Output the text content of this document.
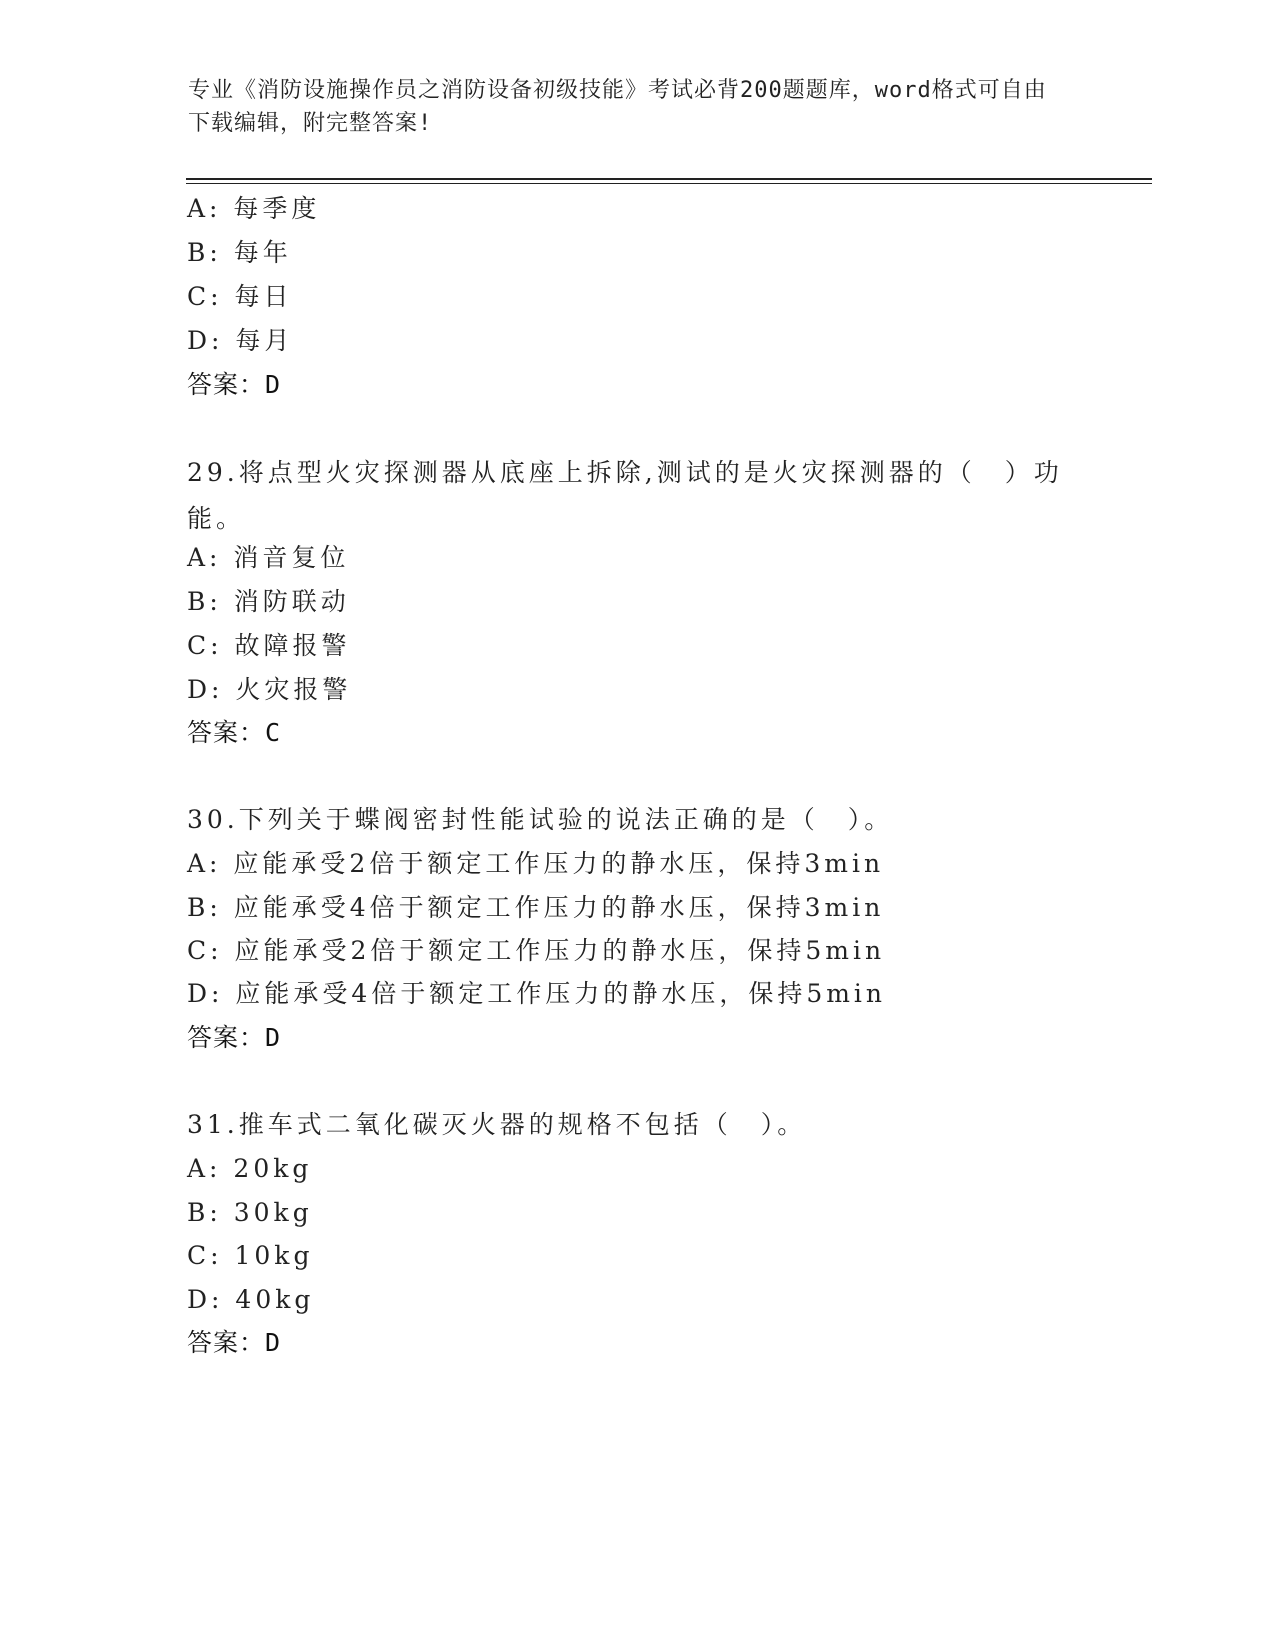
专业《消防设施操作员之消防设备初级技能》考试必背200题题库，word格式可自由下载编辑，附完整答案!
A: 每季度
B: 每年
C: 每日
D: 每月
答案：D
29.将点型火灾探测器从底座上拆除,测试的是火灾探测器的（　）功能。
A: 消音复位
B: 消防联动
C: 故障报警
D: 火灾报警
答案：C
30.下列关于蝶阀密封性能试验的说法正确的是（　）。
A: 应能承受2倍于额定工作压力的静水压，保持3min
B: 应能承受4倍于额定工作压力的静水压，保持3min
C: 应能承受2倍于额定工作压力的静水压，保持5min
D: 应能承受4倍于额定工作压力的静水压，保持5min
答案：D
31.推车式二氧化碳灭火器的规格不包括（　）。
A: 20kg
B: 30kg
C: 10kg
D: 40kg
答案：D
